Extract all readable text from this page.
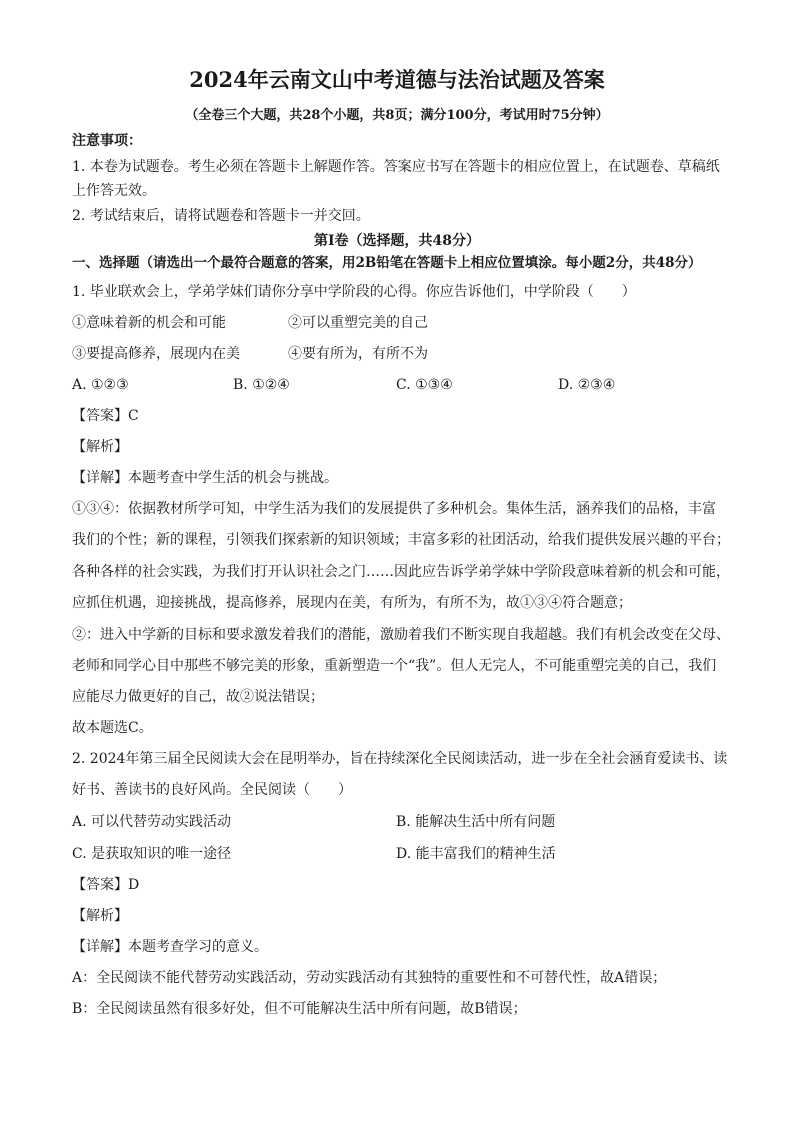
2024年云南文山中考道德与法治试题及答案
（全卷三个大题，共28个小题，共8页；满分100分，考试用时75分钟）
注意事项：
1. 本卷为试题卷。考生必须在答题卡上解题作答。答案应书写在答题卡的相应位置上，在试题卷、草稿纸
上作答无效。
2. 考试结束后，请将试题卷和答题卡一并交回。
第Ⅰ卷（选择题，共48分）
一、选择题（请选出一个最符合题意的答案，用2B铅笔在答题卡上相应位置填涂。每小题2分，共48分）
1. 毕业联欢会上，学弟学妹们请你分享中学阶段的心得。你应告诉他们，中学阶段（　　）
①意味着新的机会和可能	②可以重塑完美的自己
③要提高修养，展现内在美	④要有所为，有所不为
A. ①②③	B. ①②④	C. ①③④	D. ②③④
【答案】C
【解析】
【详解】本题考查中学生活的机会与挑战。
①③④：依据教材所学可知，中学生活为我们的发展提供了多种机会。集体生活，涵养我们的品格，丰富
我们的个性；新的课程，引领我们探索新的知识领域；丰富多彩的社团活动，给我们提供发展兴趣的平台；
各种各样的社会实践，为我们打开认识社会之门……因此应告诉学弟学妹中学阶段意味着新的机会和可能，
应抓住机遇，迎接挑战，提高修养，展现内在美，有所为，有所不为，故①③④符合题意；
②：进入中学新的目标和要求激发着我们的潜能，激励着我们不断实现自我超越。我们有机会改变在父母、
老师和同学心目中那些不够完美的形象，重新塑造一个“我”。但人无完人，不可能重塑完美的自己，我们
应能尽力做更好的自己，故②说法错误；
故本题选C。
2. 2024年第三届全民阅读大会在昆明举办，旨在持续深化全民阅读活动，进一步在全社会涵育爱读书、读
好书、善读书的良好风尚。全民阅读（　　）
A. 可以代替劳动实践活动	B. 能解决生活中所有问题
C. 是获取知识的唯一途径	D. 能丰富我们的精神生活
【答案】D
【解析】
【详解】本题考查学习的意义。
A：全民阅读不能代替劳动实践活动，劳动实践活动有其独特的重要性和不可替代性，故A错误；
B：全民阅读虽然有很多好处，但不可能解决生活中所有问题，故B错误；
